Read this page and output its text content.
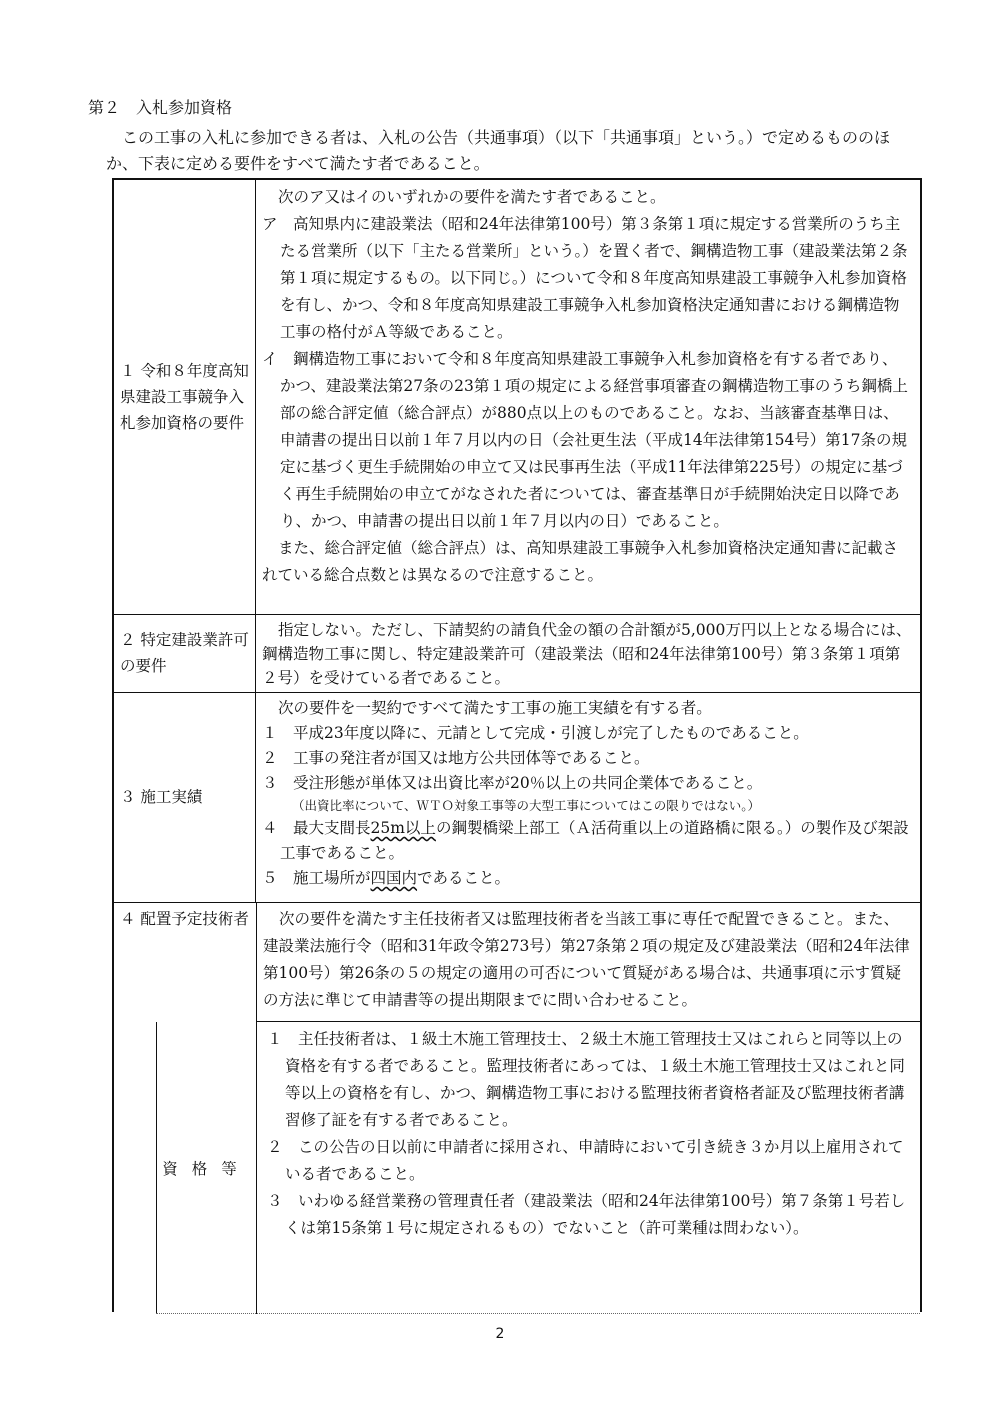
第２　入札参加資格
この工事の入札に参加できる者は、入札の公告（共通事項）（以下「共通事項」という。）で定めるもののほか、下表に定める要件をすべて満たす者であること。
１ 令和８年度高知県建設工事競争入札参加資格の要件
次のア又はイのいずれかの要件を満たす者であること。
ア　高知県内に建設業法（昭和24年法律第100号）第３条第１項に規定する営業所のうち主たる営業所（以下「主たる営業所」という。）を置く者で、鋼構造物工事（建設業法第２条第１項に規定するもの。以下同じ。）について令和８年度高知県建設工事競争入札参加資格を有し、かつ、令和８年度高知県建設工事競争入札参加資格決定通知書における鋼構造物工事の格付がＡ等級であること。
イ　鋼構造物工事において令和８年度高知県建設工事競争入札参加資格を有する者であり、かつ、建設業法第27条の23第１項の規定による経営事項審査の鋼構造物工事のうち鋼橋上部の総合評定値（総合評点）が880点以上のものであること。なお、当該審査基準日は、申請書の提出日以前１年７月以内の日（会社更生法（平成14年法律第154号）第17条の規定に基づく更生手続開始の申立て又は民事再生法（平成11年法律第225号）の規定に基づく再生手続開始の申立てがなされた者については、審査基準日が手続開始決定日以降であり、かつ、申請書の提出日以前１年７月以内の日）であること。
また、総合評定値（総合評点）は、高知県建設工事競争入札参加資格決定通知書に記載されている総合点数とは異なるので注意すること。
２ 特定建設業許可の要件
指定しない。ただし、下請契約の請負代金の額の合計額が5,000万円以上となる場合には、鋼構造物工事に関し、特定建設業許可（建設業法（昭和24年法律第100号）第３条第１項第２号）を受けている者であること。
３ 施工実績
次の要件を一契約ですべて満たす工事の施工実績を有する者。
１　平成23年度以降に、元請として完成・引渡しが完了したものであること。
２　工事の発注者が国又は地方公共団体等であること。
３　受注形態が単体又は出資比率が20％以上の共同企業体であること。
（出資比率について、ＷＴＯ対象工事等の大型工事についてはこの限りではない。）
４　最大支間長25m以上の鋼製橋梁上部工（Ａ活荷重以上の道路橋に限る。）の製作及び架設工事であること。
５　施工場所が四国内であること。
４ 配置予定技術者	次の要件を満たす主任技術者又は監理技術者を当該工事に専任で配置できること。また、建設業法施行令（昭和31年政令第273号）第27条第２項の規定及び建設業法（昭和24年法律第100号）第26条の５の規定の適用の可否について質疑がある場合は、共通事項に示す質疑の方法に準じて申請書等の提出期限までに問い合わせること。
資格等
１　主任技術者は、１級土木施工管理技士、２級土木施工管理技士又はこれらと同等以上の資格を有する者であること。監理技術者にあっては、１級土木施工管理技士又はこれと同等以上の資格を有し、かつ、鋼構造物工事における監理技術者資格者証及び監理技術者講習修了証を有する者であること。
２　この公告の日以前に申請者に採用され、申請時において引き続き３か月以上雇用されている者であること。
３　いわゆる経営業務の管理責任者（建設業法（昭和24年法律第100号）第７条第１号若しくは第15条第１号に規定されるもの）でないこと（許可業種は問わない）。
2
